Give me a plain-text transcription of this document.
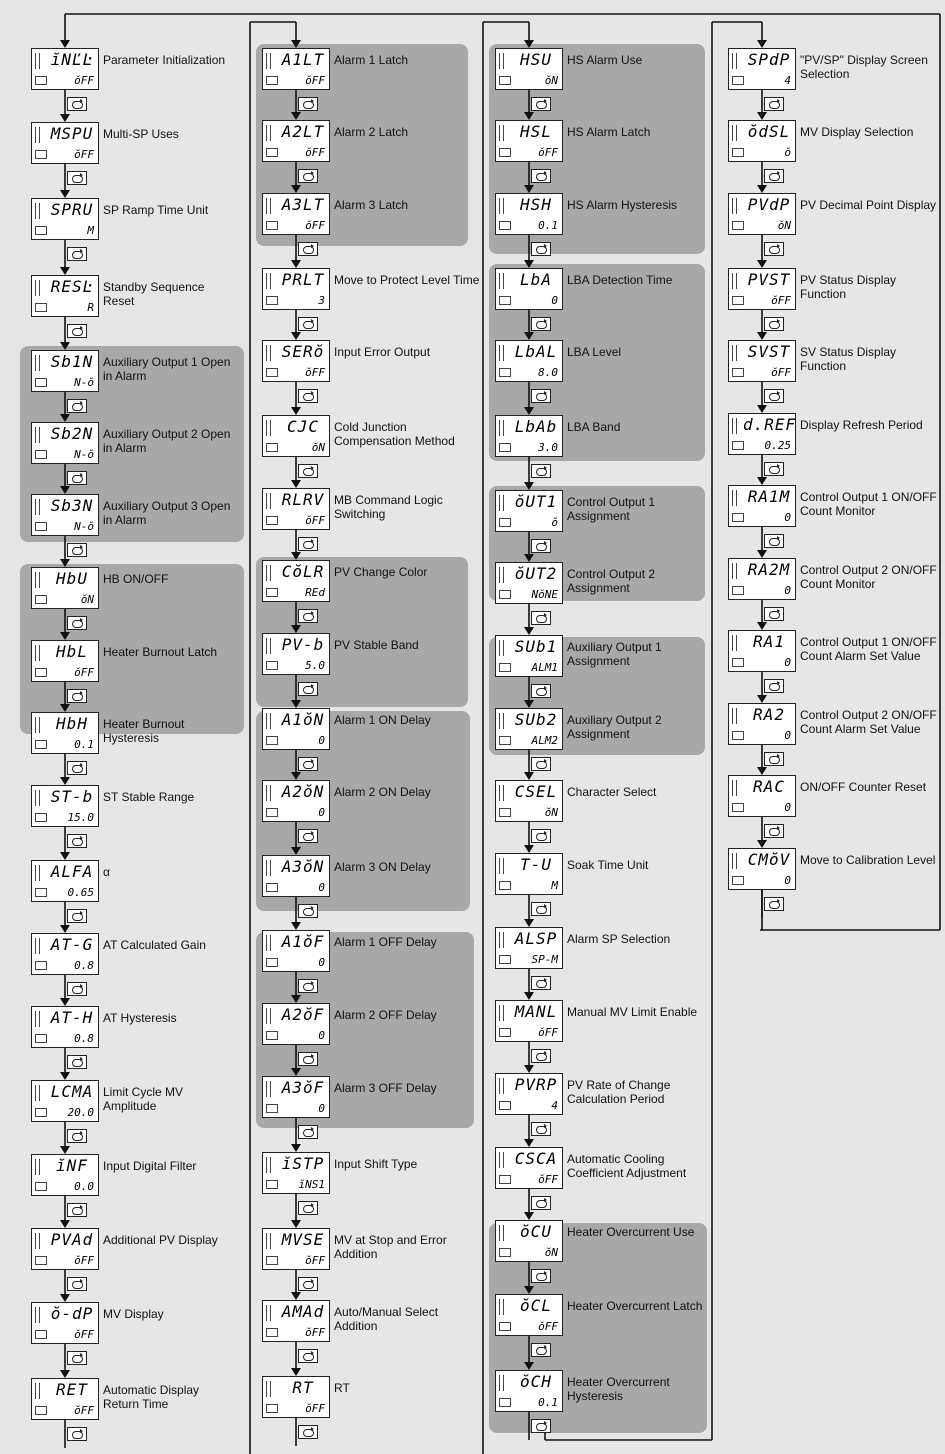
ĭNĽĿ
ŏFF
Parameter Initialization
MSPU
ŏFF
Multi-SP Uses
SPRU
M
SP Ramp Time Unit
RESĿ
R
Standby Sequence Reset
Sb1N
N-ŏ
Auxiliary Output 1 Open in Alarm
Sb2N
N-ŏ
Auxiliary Output 2 Open in Alarm
Sb3N
N-ŏ
Auxiliary Output 3 Open in Alarm
HbU
ŏN
HB ON/OFF
HbL
ŏFF
Heater Burnout Latch
HbH
0.1
Heater Burnout Hysteresis
ST-b
15.0
ST Stable Range
ALFA
0.65
α
AT-G
0.8
AT Calculated Gain
AT-H
0.8
AT Hysteresis
LCMA
20.0
Limit Cycle MV Amplitude
ĭNF
0.0
Input Digital Filter
PVAd
ŏFF
Additional PV Display
ŏ-dP
ŏFF
MV Display
RET
ŏFF
Automatic Display Return Time
A1LT
ŏFF
Alarm 1 Latch
A2LT
ŏFF
Alarm 2 Latch
A3LT
ŏFF
Alarm 3 Latch
PRLT
3
Move to Protect Level Time
SERŏ
ŏFF
Input Error Output
CJC
ŏN
Cold Junction Compensation Method
RLRV
ŏFF
MB Command Logic Switching
CŏLR
REd
PV Change Color
PV-b
5.0
PV Stable Band
A1ŏN
0
Alarm 1 ON Delay
A2ŏN
0
Alarm 2 ON Delay
A3ŏN
0
Alarm 3 ON Delay
A1ŏF
0
Alarm 1 OFF Delay
A2ŏF
0
Alarm 2 OFF Delay
A3ŏF
0
Alarm 3 OFF Delay
ĭSTP
ĭNS1
Input Shift Type
MVSE
ŏFF
MV at Stop and Error Addition
AMAd
ŏFF
Auto/Manual Select Addition
RT
ŏFF
RT
HSU
ŏN
HS Alarm Use
HSL
ŏFF
HS Alarm Latch
HSH
0.1
HS Alarm Hysteresis
LbA
0
LBA Detection Time
LbAL
8.0
LBA Level
LbAb
3.0
LBA Band
ŏUT1
ŏ
Control Output 1 Assignment
ŏUT2
NŏNE
Control Output 2 Assignment
SUb1
ALM1
Auxiliary Output 1 Assignment
SUb2
ALM2
Auxiliary Output 2 Assignment
CSEL
ŏN
Character Select
T-U
M
Soak Time Unit
ALSP
SP-M
Alarm SP Selection
MANL
ŏFF
Manual MV Limit Enable
PVRP
4
PV Rate of Change Calculation Period
CSCA
ŏFF
Automatic Cooling Coefficient Adjustment
ŏCU
ŏN
Heater Overcurrent Use
ŏCL
ŏFF
Heater Overcurrent Latch
ŏCH
0.1
Heater Overcurrent Hysteresis
SPdP
4
"PV/SP" Display Screen Selection
ŏdSL
ŏ
MV Display Selection
PVdP
ŏN
PV Decimal Point Display
PVST
ŏFF
PV Status Display Function
SVST
ŏFF
SV Status Display Function
d.REF
0.25
Display Refresh Period
RA1M
0
Control Output 1 ON/OFF Count Monitor
RA2M
0
Control Output 2 ON/OFF Count Monitor
RA1
0
Control Output 1 ON/OFF Count Alarm Set Value
RA2
0
Control Output 2 ON/OFF Count Alarm Set Value
RAC
0
ON/OFF Counter Reset
CMŏV
0
Move to Calibration Level
